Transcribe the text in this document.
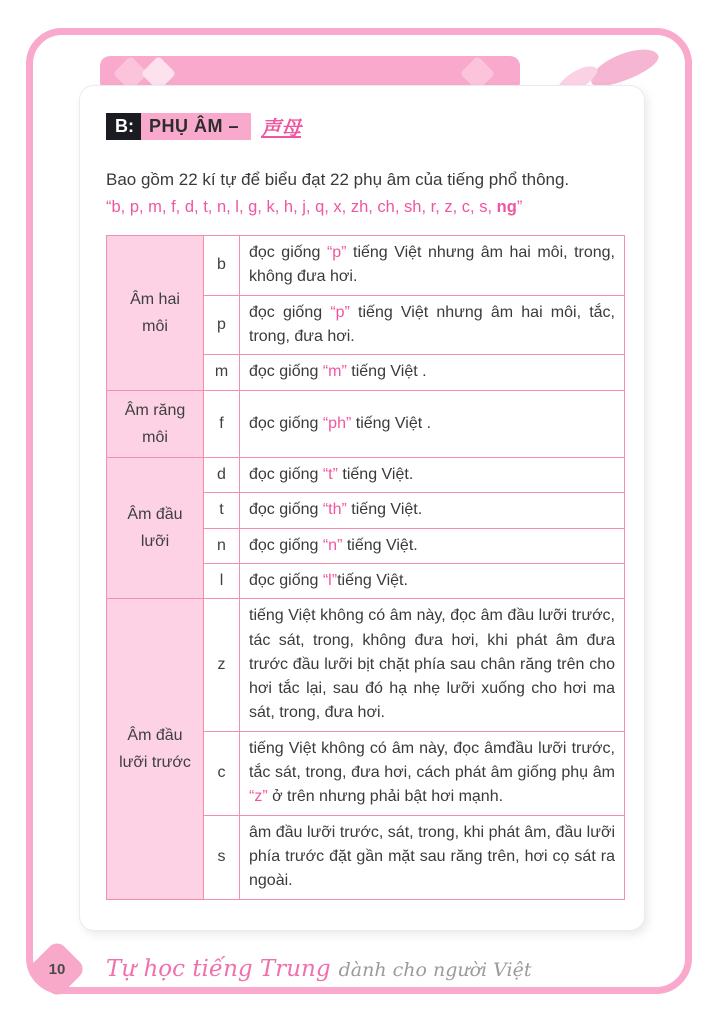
B: PHỤ ÂM –	声母
Bao gồm 22 kí tự để biểu đạt 22 phụ âm của tiếng phổ thông.
“b, p, m, f, d, t, n, l, g, k, h, j, q, x, zh, ch, sh, r, z, c, s, ng”
Âm hai môi	b	đọc giống “p” tiếng Việt nhưng âm hai môi, trong, không đưa hơi.
	p	đọc giống “p” tiếng Việt nhưng âm hai môi, tắc, trong, đưa hơi.
	m	đọc giống “m” tiếng Việt .
Âm răng môi	f	đọc giống “ph” tiếng Việt .
Âm đầu lưỡi	d	đọc giống “t” tiếng Việt.
	t	đọc giống “th” tiếng Việt.
	n	đọc giống “n” tiếng Việt.
	l	đọc giống “l”tiếng Việt.
Âm đầu lưỡi trước	z	tiếng Việt không có âm này, đọc âm đầu lưỡi trước, tác sát, trong, không đưa hơi, khi phát âm đưa trước đầu lưỡi bịt chặt phía sau chân răng trên cho hơi tắc lại, sau đó hạ nhẹ lưỡi xuống cho hơi ma sát, trong, đưa hơi.
	c	tiếng Việt không có âm này, đọc âmđầu lưỡi trước, tắc sát, trong, đưa hơi, cách phát âm giống phụ âm “z” ở trên nhưng phải bật hơi mạnh.
	s	âm đầu lưỡi trước, sát, trong, khi phát âm, đầu lưỡi phía trước đặt gần mặt sau răng trên, hơi cọ sát ra ngoài.
10	Tự học tiếng Trung dành cho người Việt
